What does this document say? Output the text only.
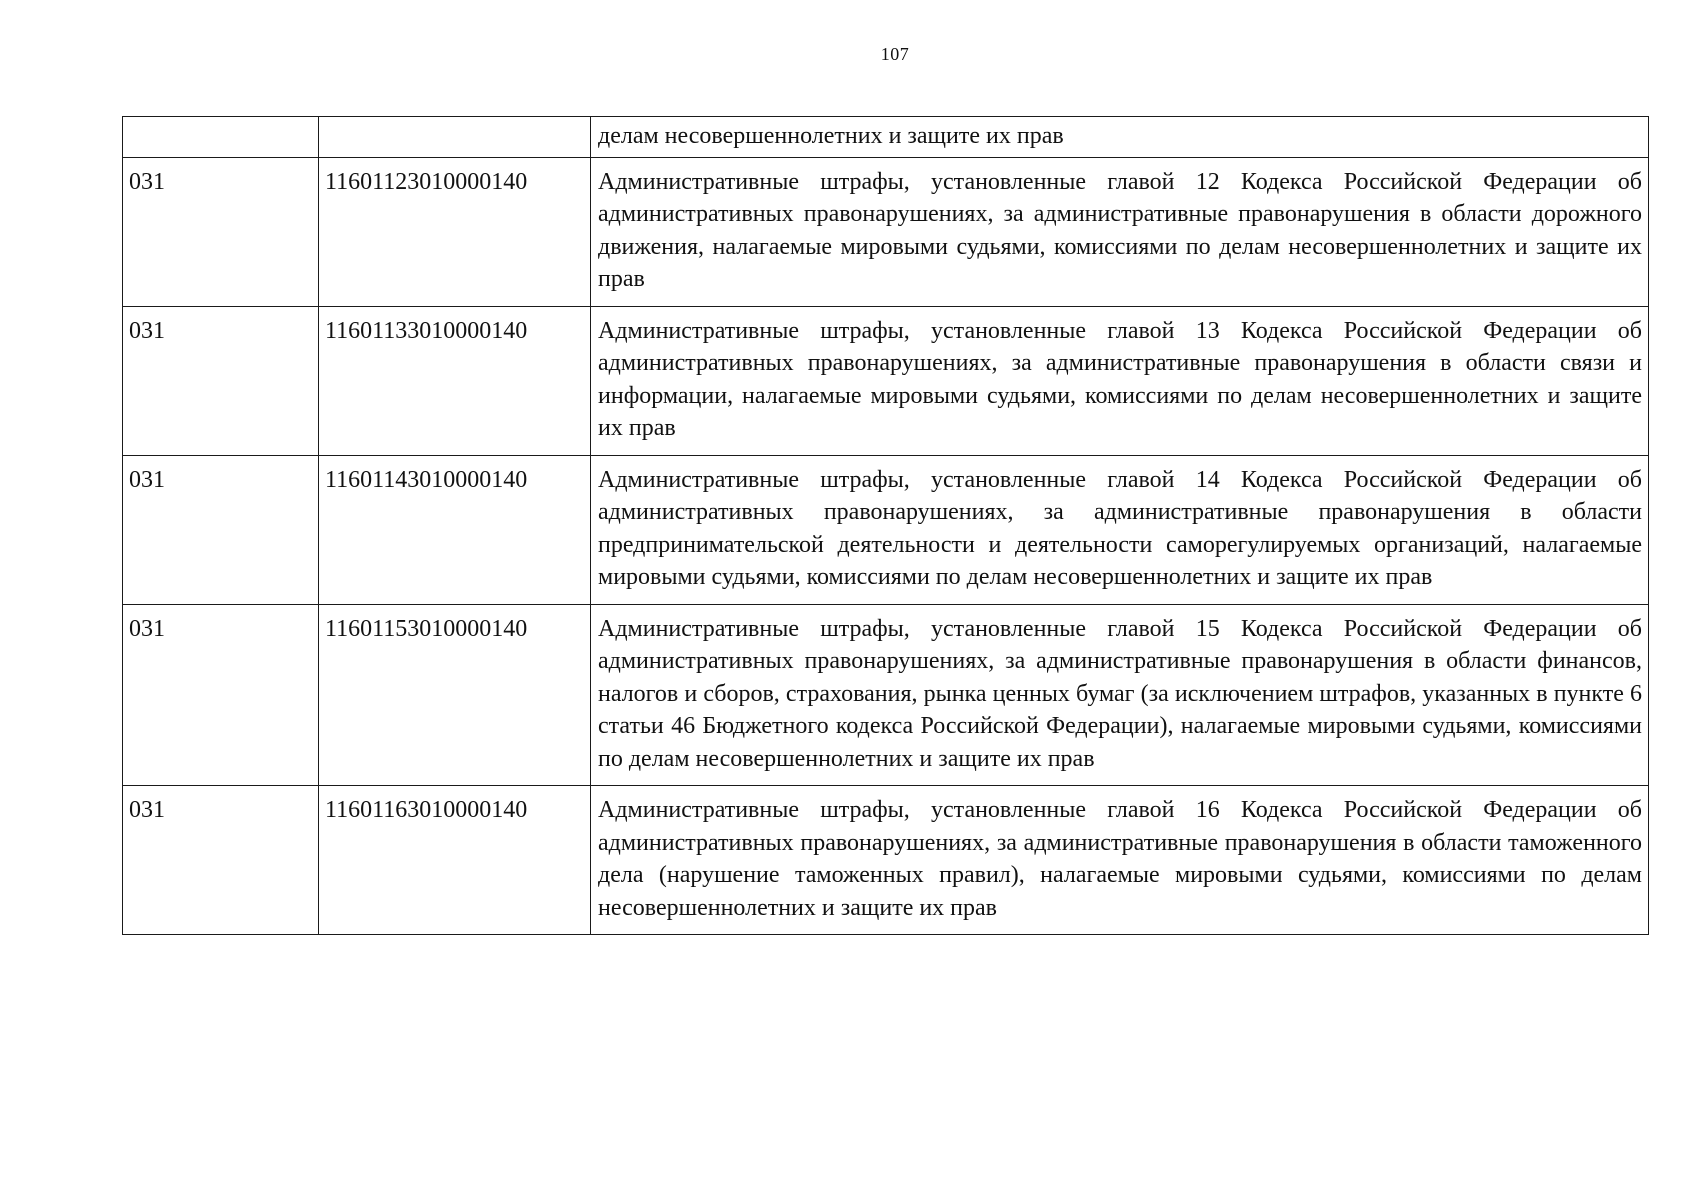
107
		делам несовершеннолетних и защите их прав
031	11601123010000140	Административные штрафы, установленные главой 12 Кодекса Российской Федерации об административных правонарушениях, за административные правонарушения в области дорожного движения, налагаемые мировыми судьями, комиссиями по делам несовершеннолетних и защите их прав
031	11601133010000140	Административные штрафы, установленные главой 13 Кодекса Российской Федерации об административных правонарушениях, за административные правонарушения в области связи и информации, налагаемые мировыми судьями, комиссиями по делам несовершеннолетних и защите их прав
031	11601143010000140	Административные штрафы, установленные главой 14 Кодекса Российской Федерации об административных правонарушениях, за административные правонарушения в области предпринимательской деятельности и деятельности саморегулируемых организаций, налагаемые мировыми судьями, комиссиями по делам несовершеннолетних и защите их прав
031	11601153010000140	Административные штрафы, установленные главой 15 Кодекса Российской Федерации об административных правонарушениях, за административные правонарушения в области финансов, налогов и сборов, страхования, рынка ценных бумаг (за исключением штрафов, указанных в пункте 6 статьи 46 Бюджетного кодекса Российской Федерации), налагаемые мировыми судьями, комиссиями по делам несовершеннолетних и защите их прав
031	11601163010000140	Административные штрафы, установленные главой 16 Кодекса Российской Федерации об административных правонарушениях, за административные правонарушения в области таможенного дела (нарушение таможенных правил), налагаемые мировыми судьями, комиссиями по делам несовершеннолетних и защите их прав
